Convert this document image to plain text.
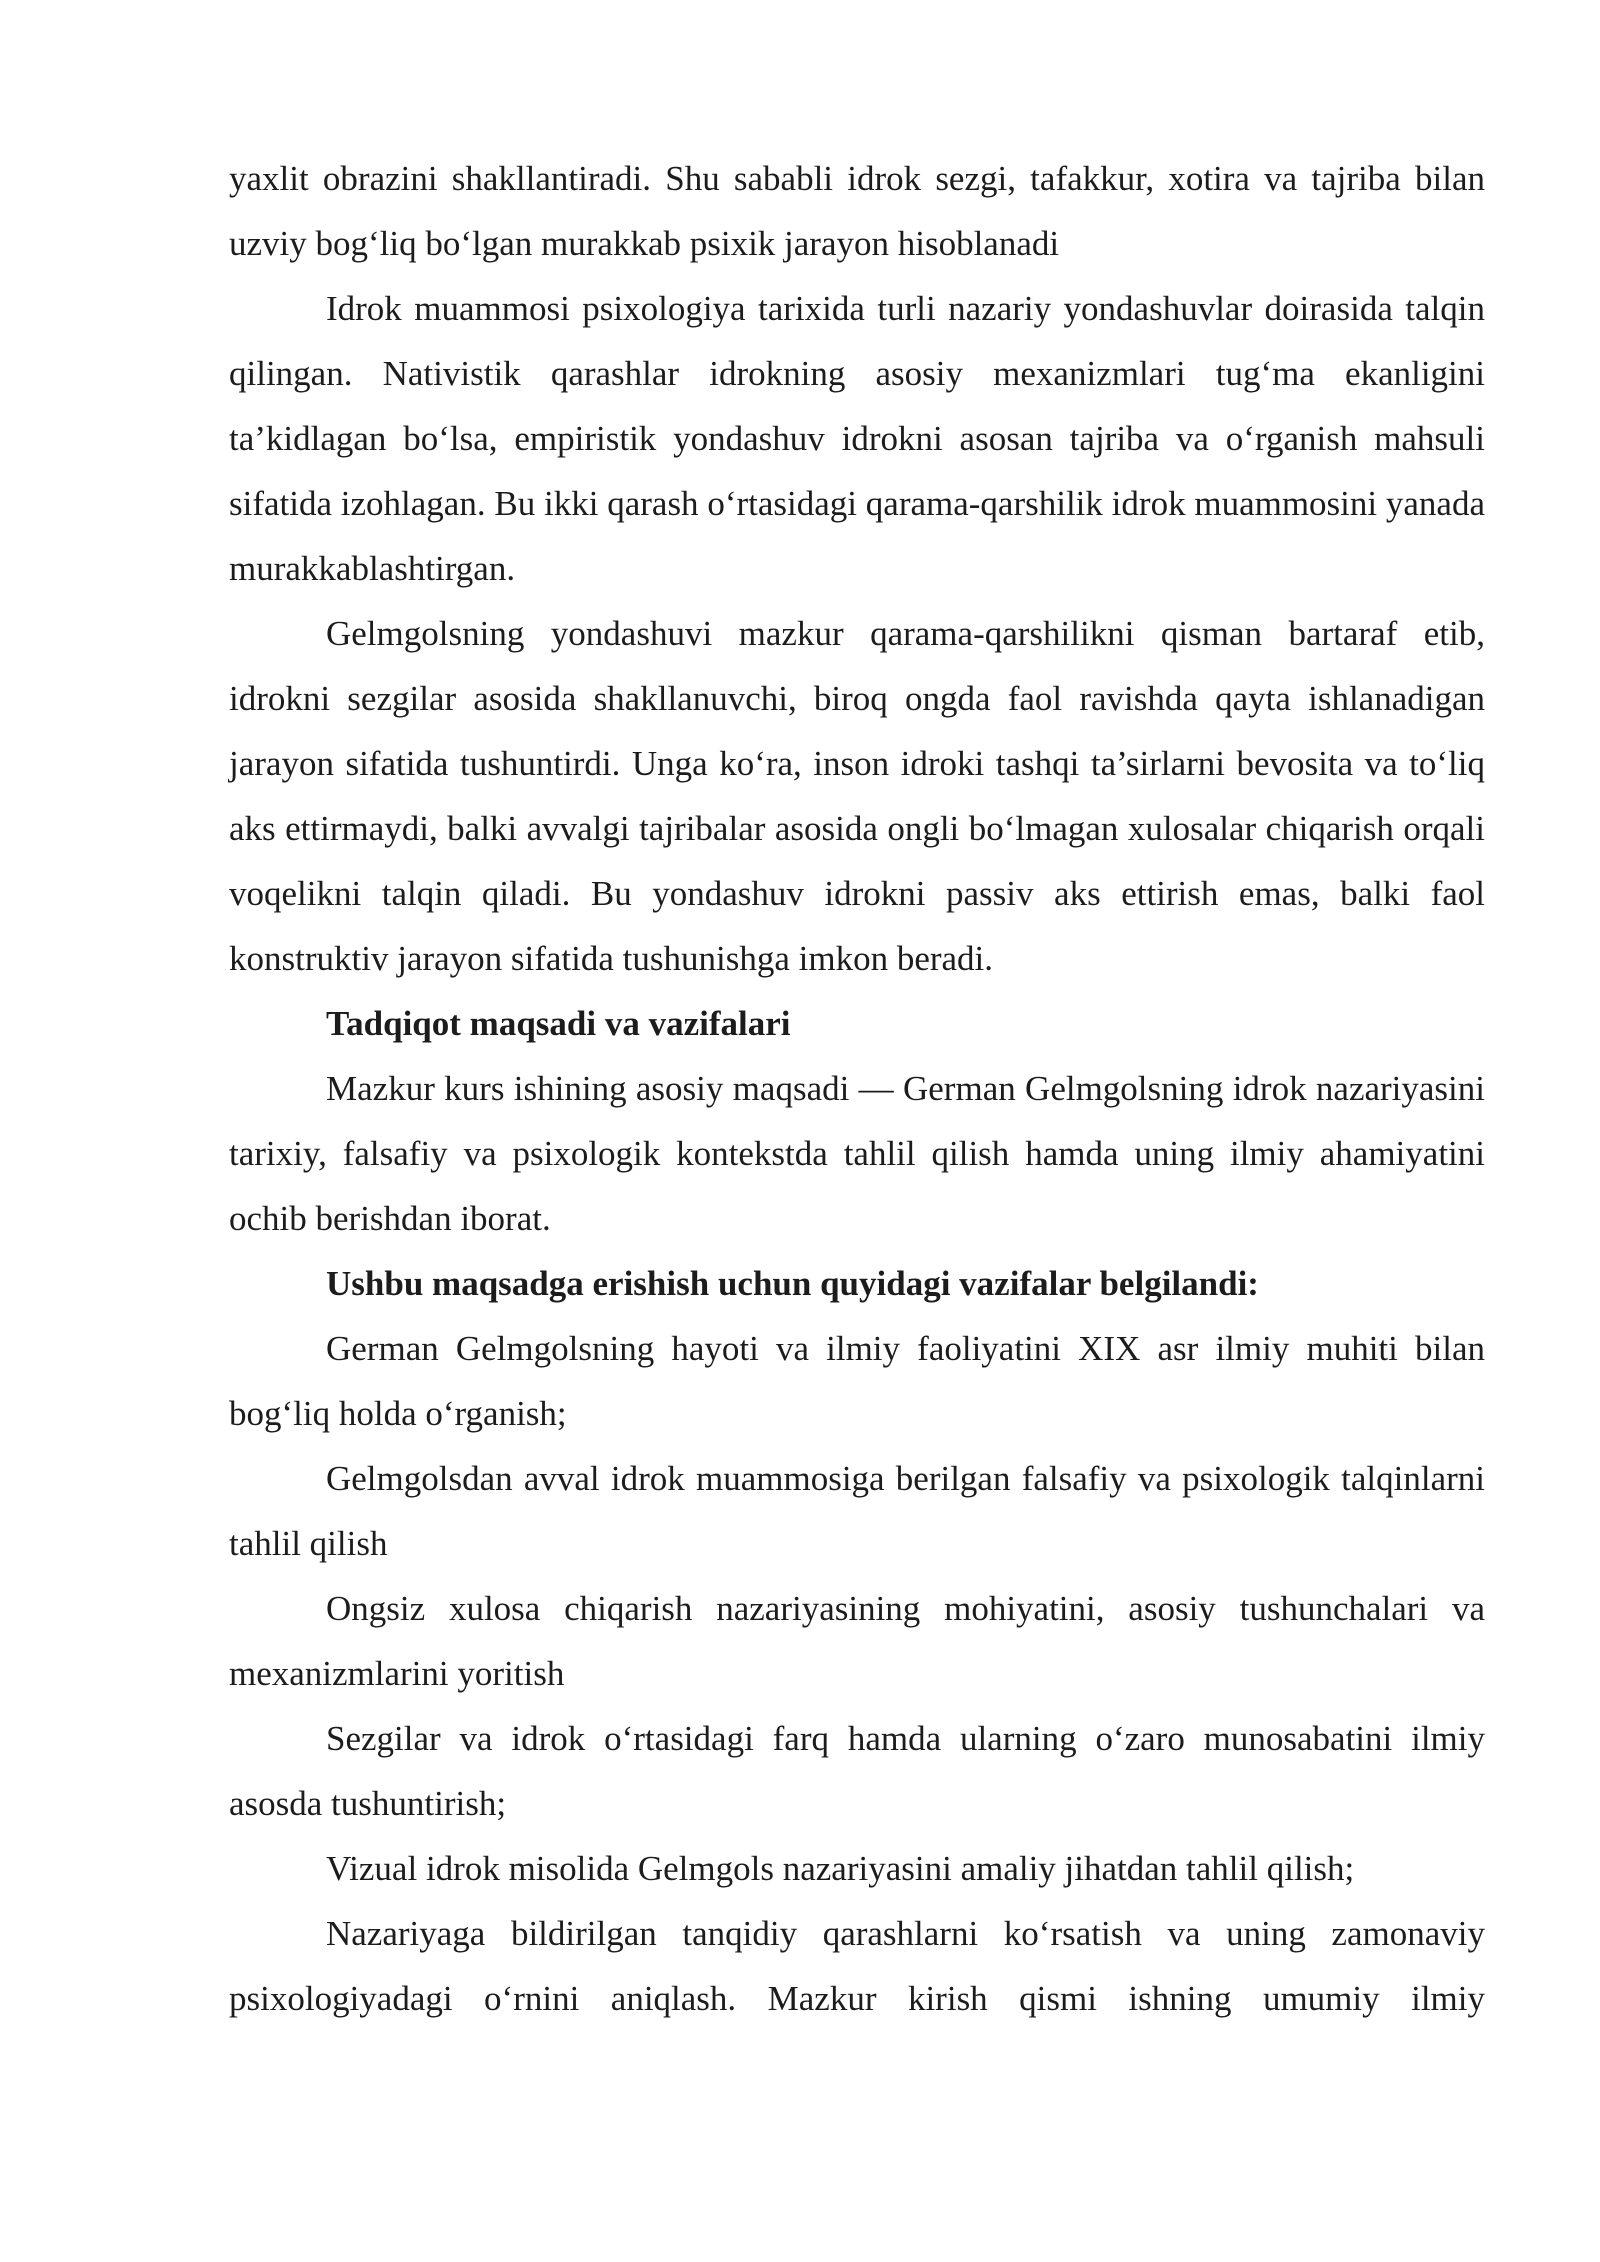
yaxlit obrazini shakllantiradi. Shu sababli idrok sezgi, tafakkur, xotira va tajriba bilan uzviy bog‘liq bo‘lgan murakkab psixik jarayon hisoblanadi

Idrok muammosi psixologiya tarixida turli nazariy yondashuvlar doirasida talqin qilingan. Nativistik qarashlar idrokning asosiy mexanizmlari tug‘ma ekanligini ta’kidlagan bo‘lsa, empiristik yondashuv idrokni asosan tajriba va o‘rganish mahsuli sifatida izohlagan. Bu ikki qarash o‘rtasidagi qarama-qarshilik idrok muammosini yanada murakkablashtirgan.

Gelmgolsning yondashuvi mazkur qarama-qarshilikni qisman bartaraf etib, idrokni sezgilar asosida shakllanuvchi, biroq ongda faol ravishda qayta ishlanadigan jarayon sifatida tushuntirdi. Unga ko‘ra, inson idroki tashqi ta’sirlarni bevosita va to‘liq aks ettirmaydi, balki avvalgi tajribalar asosida ongli bo‘lmagan xulosalar chiqarish orqali voqelikni talqin qiladi. Bu yondashuv idrokni passiv aks ettirish emas, balki faol konstruktiv jarayon sifatida tushunishga imkon beradi.

Tadqiqot maqsadi va vazifalari

Mazkur kurs ishining asosiy maqsadi — German Gelmgolsning idrok nazariyasini tarixiy, falsafiy va psixologik kontekstda tahlil qilish hamda uning ilmiy ahamiyatini ochib berishdan iborat.

Ushbu maqsadga erishish uchun quyidagi vazifalar belgilandi:

German Gelmgolsning hayoti va ilmiy faoliyatini XIX asr ilmiy muhiti bilan bog‘liq holda o‘rganish;

Gelmgolsdan avval idrok muammosiga berilgan falsafiy va psixologik talqinlarni tahlil qilish

Ongsiz xulosa chiqarish nazariyasining mohiyatini, asosiy tushunchalari va mexanizmlarini yoritish

Sezgilar va idrok o‘rtasidagi farq hamda ularning o‘zaro munosabatini ilmiy asosda tushuntirish;

Vizual idrok misolida Gelmgols nazariyasini amaliy jihatdan tahlil qilish;

Nazariyaga bildirilgan tanqidiy qarashlarni ko‘rsatish va uning zamonaviy psixologiyadagi o‘rnini aniqlash. Mazkur kirish qismi ishning umumiy ilmiy
